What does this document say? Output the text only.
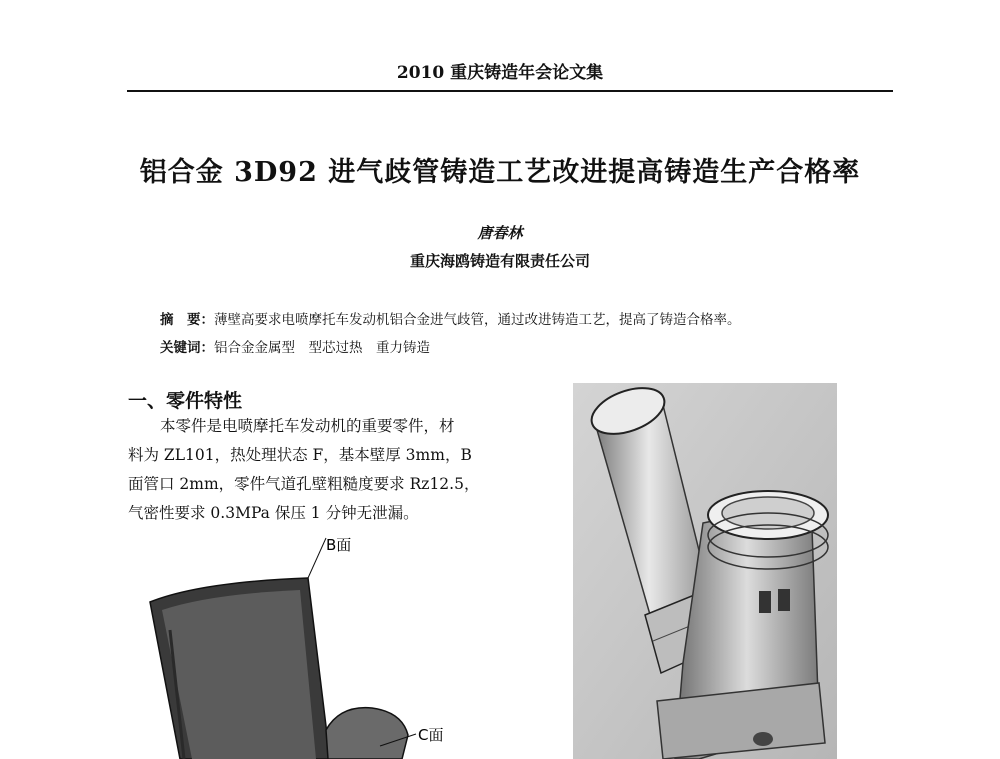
2010 重庆铸造年会论文集
铝合金 3D92 进气歧管铸造工艺改进提高铸造生产合格率
唐春林
重庆海鸥铸造有限责任公司
摘　要：薄壁高要求电喷摩托车发动机铝合金进气歧管，通过改进铸造工艺，提高了铸造合格率。
关键词：铝合金金属型　型芯过热　重力铸造
一、零件特性

本零件是电喷摩托车发动机的重要零件，材

料为 ZL101，热处理状态 F，基本壁厚 3mm，B

面管口 2mm，零件气道孔壁粗糙度要求 Rz12.5，

气密性要求 0.3MPa 保压 1 分钟无泄漏。

B面
C面
